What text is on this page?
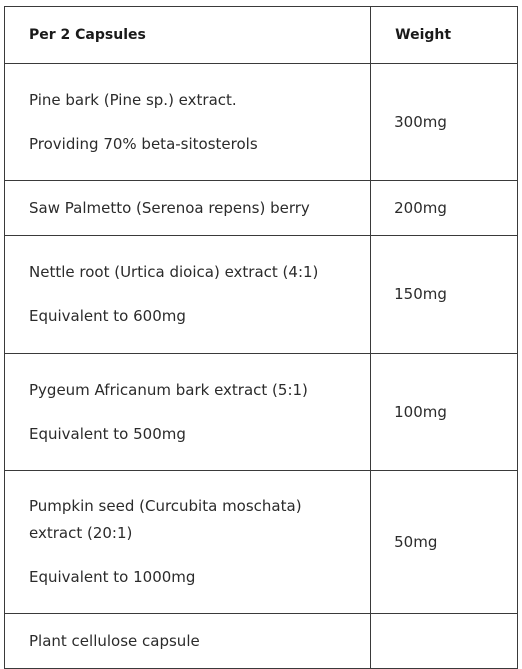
Per 2 Capsules	Weight

Pine bark (Pine sp.) extract.
Providing 70% beta-sitosterols	300mg

Saw Palmetto (Serenoa repens) berry	200mg

Nettle root (Urtica dioica) extract (4:1)
Equivalent to 600mg	150mg

Pygeum Africanum bark extract (5:1)
Equivalent to 500mg	100mg

Pumpkin seed (Curcubita moschata)
extract (20:1)
Equivalent to 1000mg	50mg

Plant cellulose capsule	
